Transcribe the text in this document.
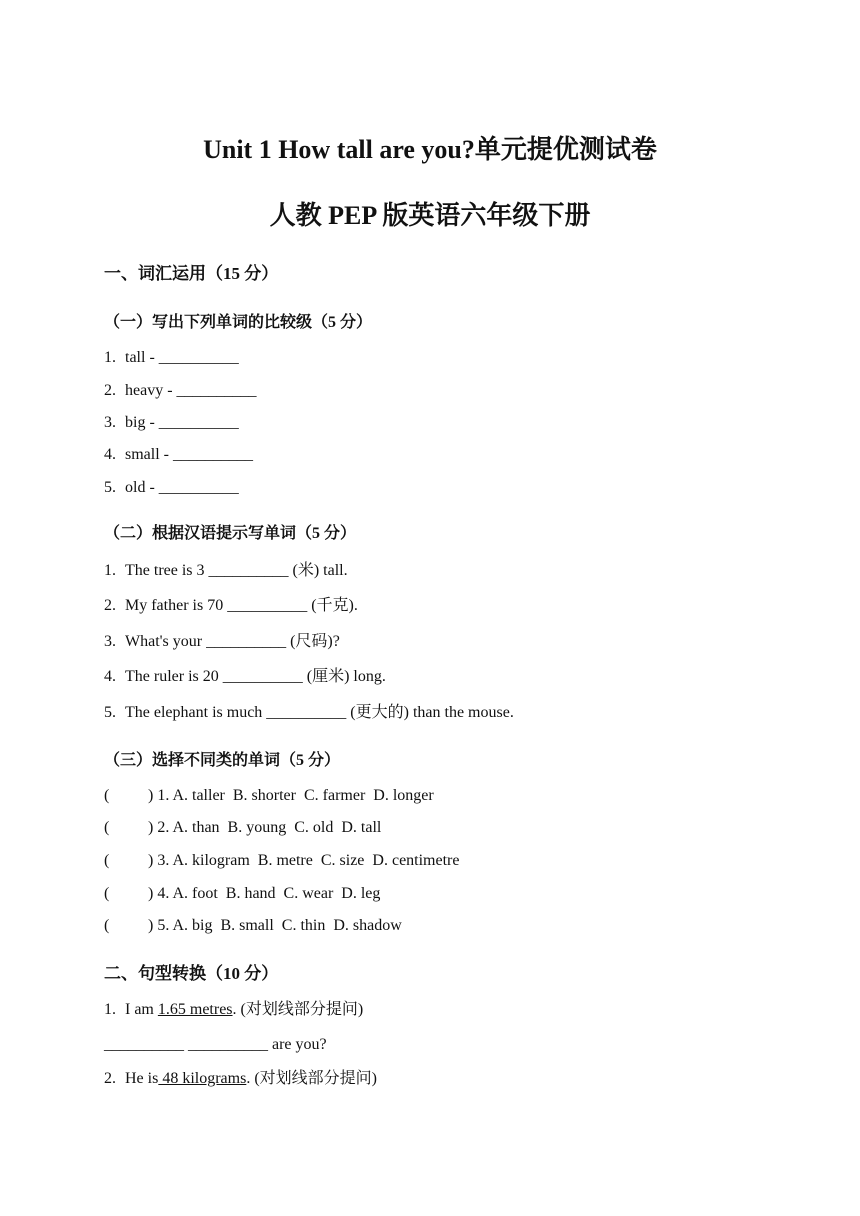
Unit 1 How tall are you?单元提优测试卷
人教 PEP 版英语六年级下册
一、词汇运用（15 分）
（一）写出下列单词的比较级（5 分）
1. tall - __________
2. heavy - __________
3. big - __________
4. small - __________
5. old - __________
（二）根据汉语提示写单词（5 分）
1. The tree is 3 __________ (米) tall.
2. My father is 70 __________ (千克).
3. What's your __________ (尺码)?
4. The ruler is 20 __________ (厘米) long.
5. The elephant is much __________ (更大的) than the mouse.
（三）选择不同类的单词（5 分）
( ) 1. A. taller  B. shorter  C. farmer  D. longer
( ) 2. A. than  B. young  C. old  D. tall
( ) 3. A. kilogram  B. metre  C. size  D. centimetre
( ) 4. A. foot  B. hand  C. wear  D. leg
( ) 5. A. big  B. small  C. thin  D. shadow
二、句型转换（10 分）
1. I am 1.65 metres. (对划线部分提问)
__________ __________ are you?
2. He is 48 kilograms. (对划线部分提问)
